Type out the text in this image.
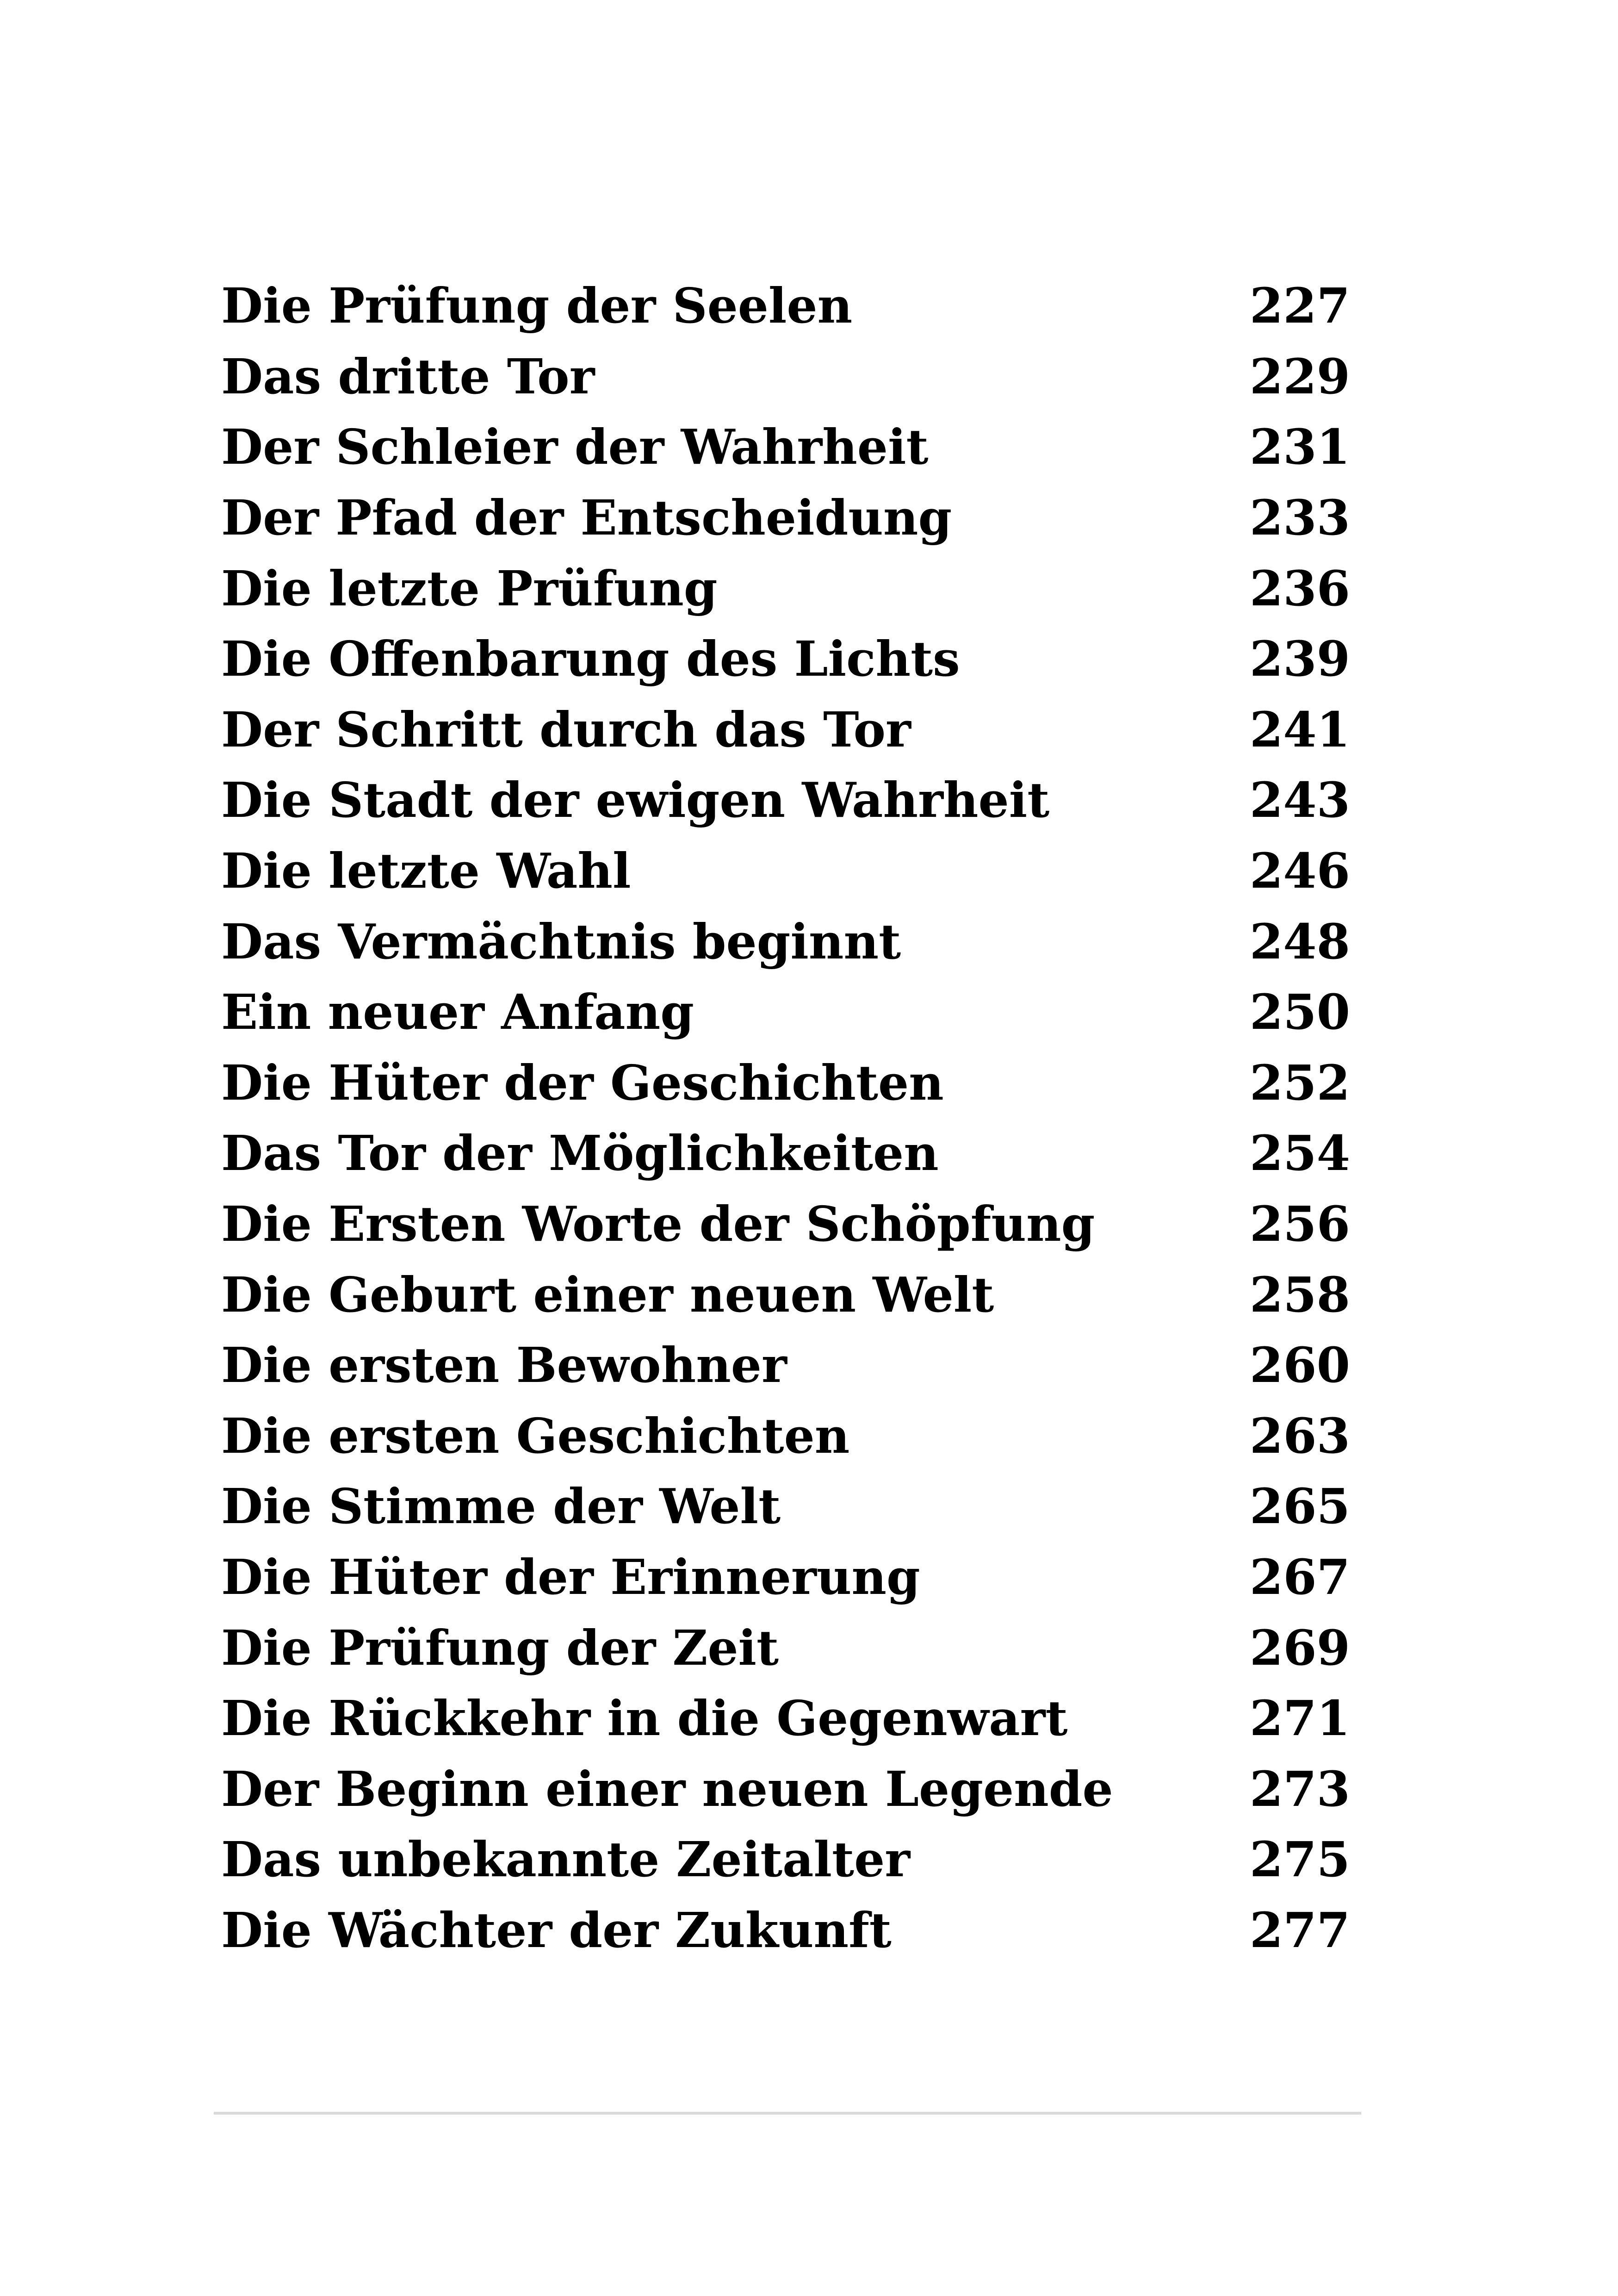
Die Prüfung der Seelen	227
Das dritte Tor	229
Der Schleier der Wahrheit	231
Der Pfad der Entscheidung	233
Die letzte Prüfung	236
Die Offenbarung des Lichts	239
Der Schritt durch das Tor	241
Die Stadt der ewigen Wahrheit	243
Die letzte Wahl	246
Das Vermächtnis beginnt	248
Ein neuer Anfang	250
Die Hüter der Geschichten	252
Das Tor der Möglichkeiten	254
Die Ersten Worte der Schöpfung	256
Die Geburt einer neuen Welt	258
Die ersten Bewohner	260
Die ersten Geschichten	263
Die Stimme der Welt	265
Die Hüter der Erinnerung	267
Die Prüfung der Zeit	269
Die Rückkehr in die Gegenwart	271
Der Beginn einer neuen Legende	273
Das unbekannte Zeitalter	275
Die Wächter der Zukunft	277
